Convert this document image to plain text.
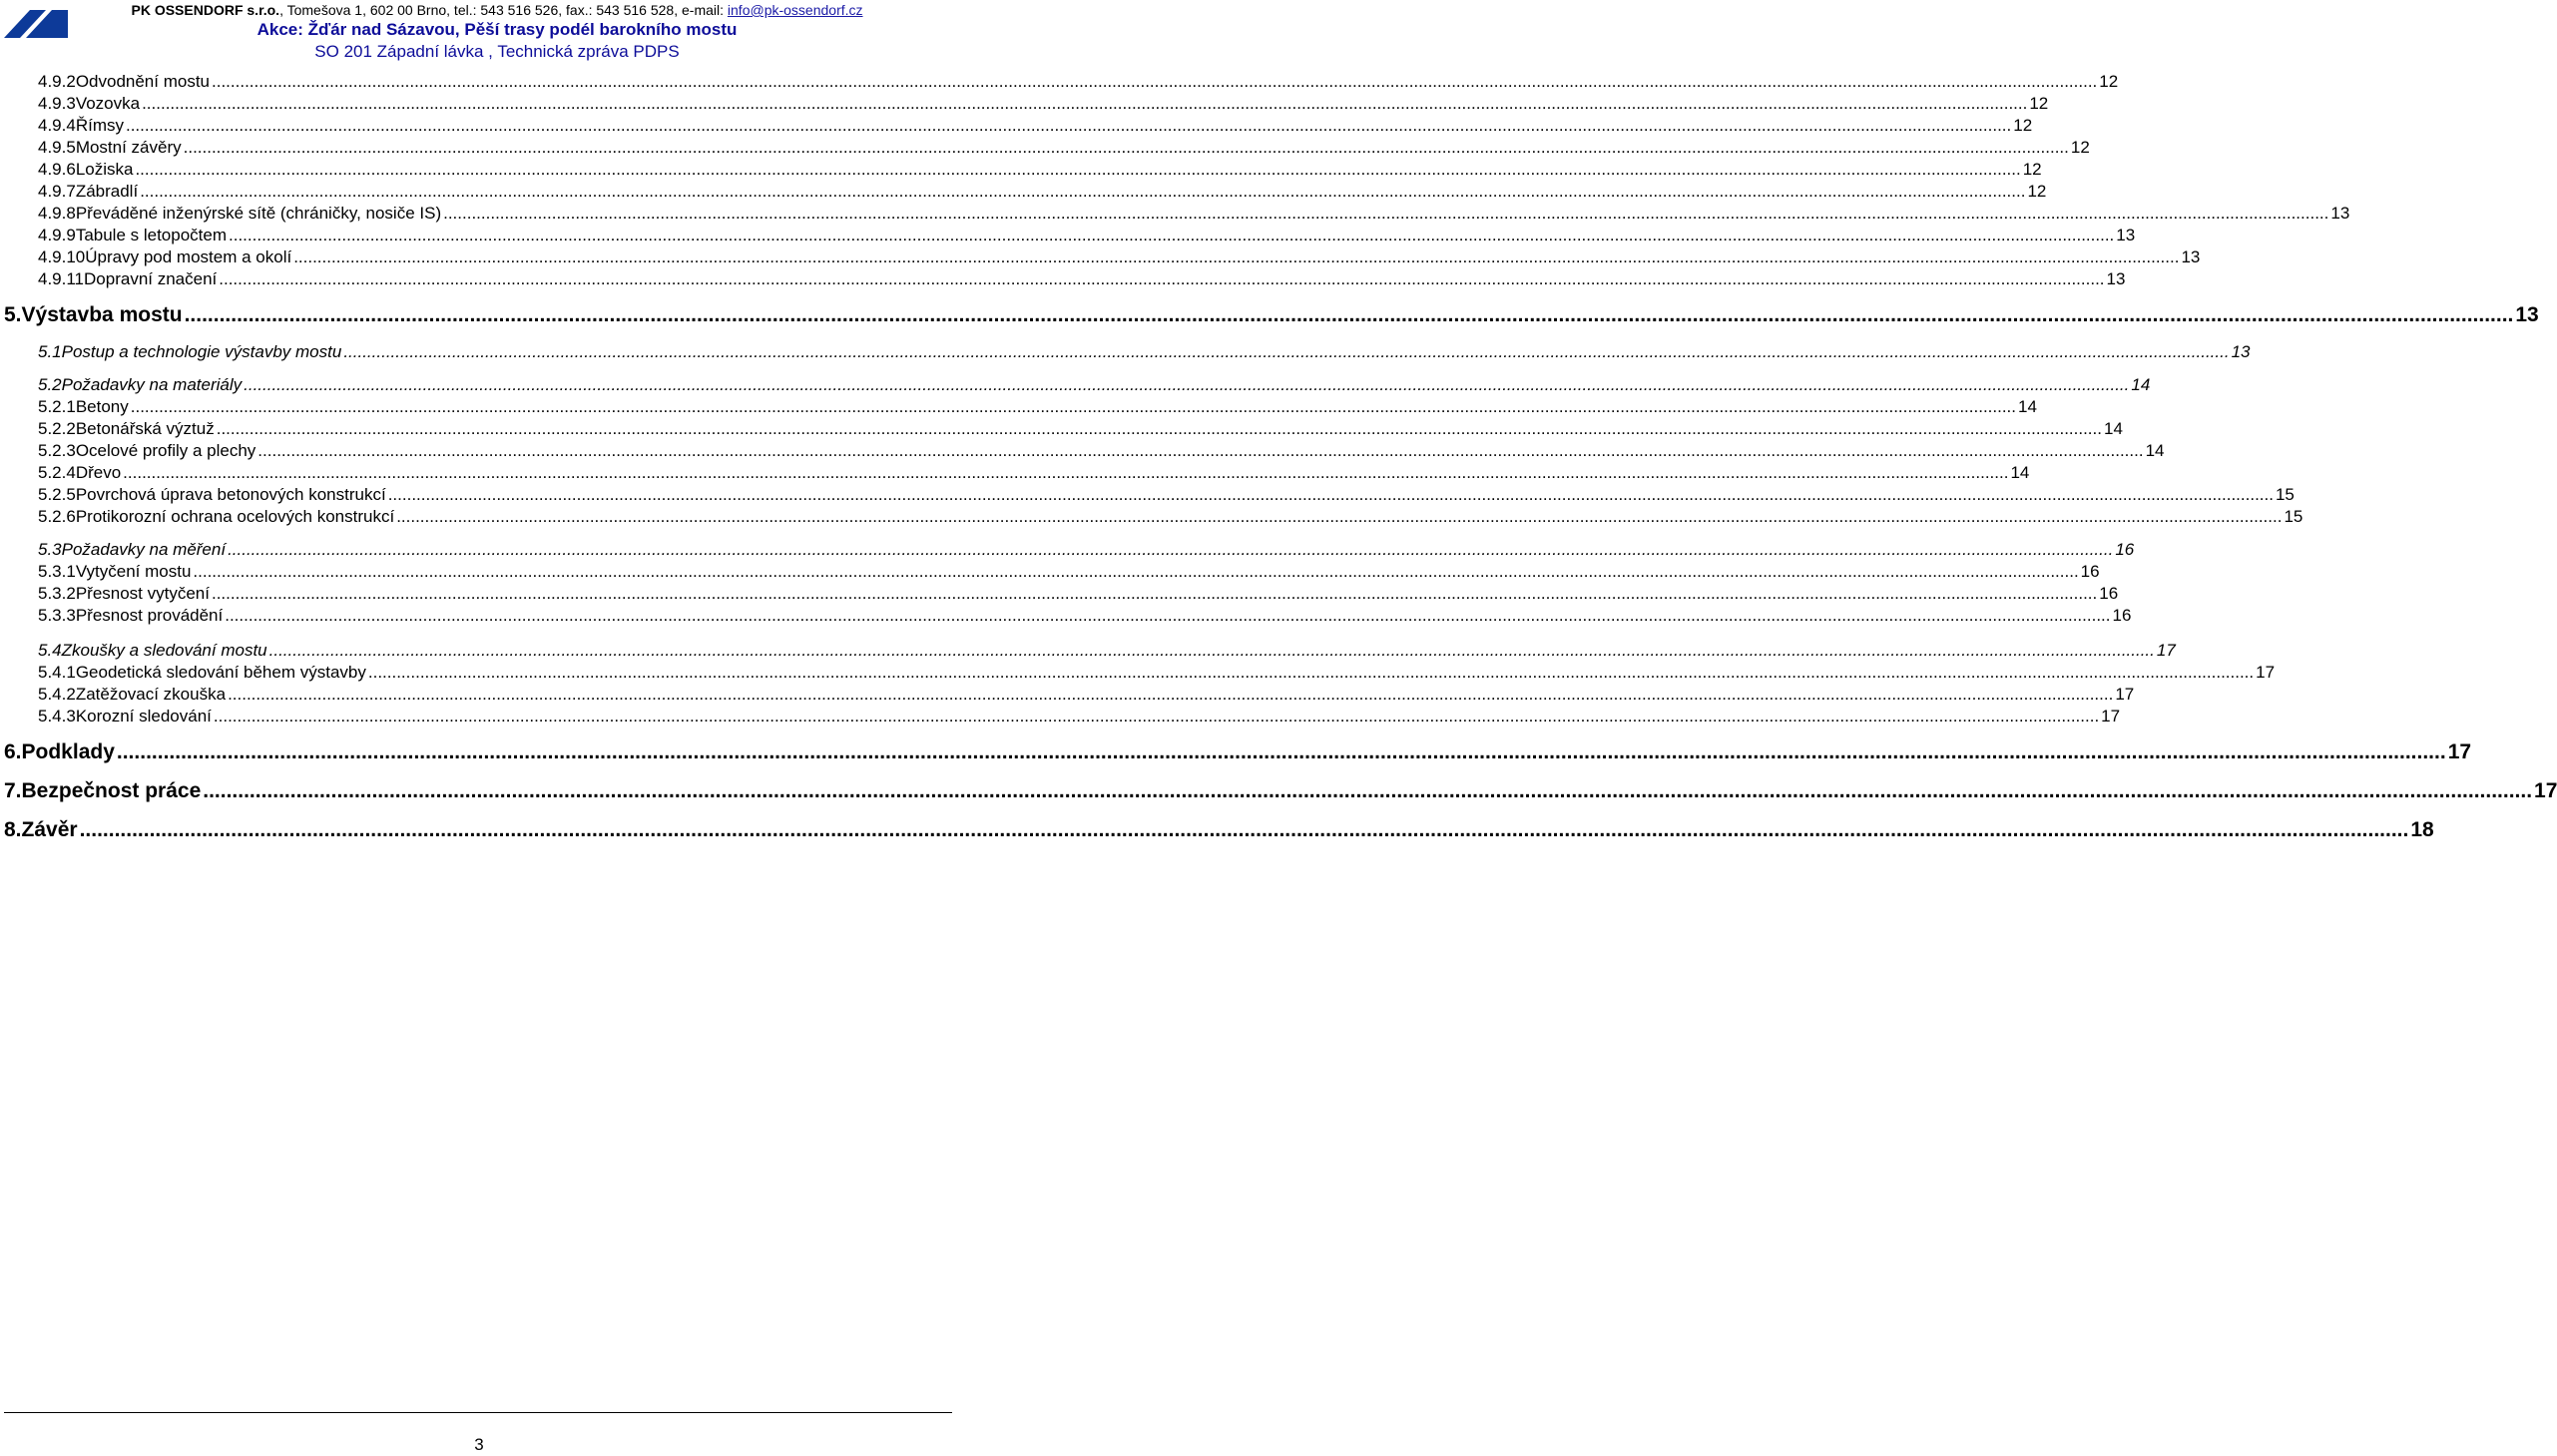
PK OSSENDORF s.r.o., Tomešova 1, 602 00 Brno, tel.: 543 516 526, fax.: 543 516 528, e-mail: info@pk-ossendorf.cz
Akce: Žďár nad Sázavou, Pěší trasy podél barokního mostu
SO 201 Západní lávka , Technická zpráva PDPS
4.9.2 Odvodnění mostu ................................................................................................................................................................................................................................................................................................................................................................................................................ 12
4.9.3 Vozovka ................................................................................................................................................................................................................................................................................................................................................................................................................ 12
4.9.4 Římsy ................................................................................................................................................................................................................................................................................................................................................................................................................ 12
4.9.5 Mostní závěry ................................................................................................................................................................................................................................................................................................................................................................................................................ 12
4.9.6 Ložiska ................................................................................................................................................................................................................................................................................................................................................................................................................ 12
4.9.7 Zábradlí ................................................................................................................................................................................................................................................................................................................................................................................................................ 12
4.9.8 Převáděné inženýrské sítě (chráničky, nosiče IS) ................................................................................................................................................................................................................................................................................................................................................................................................................ 13
4.9.9 Tabule s letopočtem ................................................................................................................................................................................................................................................................................................................................................................................................................ 13
4.9.10 Úpravy pod mostem a okolí ................................................................................................................................................................................................................................................................................................................................................................................................................ 13
4.9.11 Dopravní značení ................................................................................................................................................................................................................................................................................................................................................................................................................ 13
5. Výstavba mostu ................................................................................................................................................................................................................................................................................................................................................................................................................ 13
5.1 Postup a technologie výstavby mostu ................................................................................................................................................................................................................................................................................................................................................................................................................ 13
5.2 Požadavky na materiály ................................................................................................................................................................................................................................................................................................................................................................................................................ 14
5.2.1 Betony ................................................................................................................................................................................................................................................................................................................................................................................................................ 14
5.2.2 Betonářská výztuž ................................................................................................................................................................................................................................................................................................................................................................................................................ 14
5.2.3 Ocelové profily a plechy ................................................................................................................................................................................................................................................................................................................................................................................................................ 14
5.2.4 Dřevo ................................................................................................................................................................................................................................................................................................................................................................................................................ 14
5.2.5 Povrchová úprava betonových konstrukcí ................................................................................................................................................................................................................................................................................................................................................................................................................ 15
5.2.6 Protikorozní ochrana ocelových konstrukcí ................................................................................................................................................................................................................................................................................................................................................................................................................ 15
5.3 Požadavky na měření ................................................................................................................................................................................................................................................................................................................................................................................................................ 16
5.3.1 Vytyčení mostu ................................................................................................................................................................................................................................................................................................................................................................................................................ 16
5.3.2 Přesnost vytyčení ................................................................................................................................................................................................................................................................................................................................................................................................................ 16
5.3.3 Přesnost provádění ................................................................................................................................................................................................................................................................................................................................................................................................................ 16
5.4 Zkoušky a sledování mostu ................................................................................................................................................................................................................................................................................................................................................................................................................ 17
5.4.1 Geodetická sledování během výstavby ................................................................................................................................................................................................................................................................................................................................................................................................................ 17
5.4.2 Zatěžovací zkouška ................................................................................................................................................................................................................................................................................................................................................................................................................ 17
5.4.3 Korozní sledování ................................................................................................................................................................................................................................................................................................................................................................................................................ 17
6. Podklady ................................................................................................................................................................................................................................................................................................................................................................................................................ 17
7. Bezpečnost práce ................................................................................................................................................................................................................................................................................................................................................................................................................ 17
8. Závěr ................................................................................................................................................................................................................................................................................................................................................................................................................ 18
3
